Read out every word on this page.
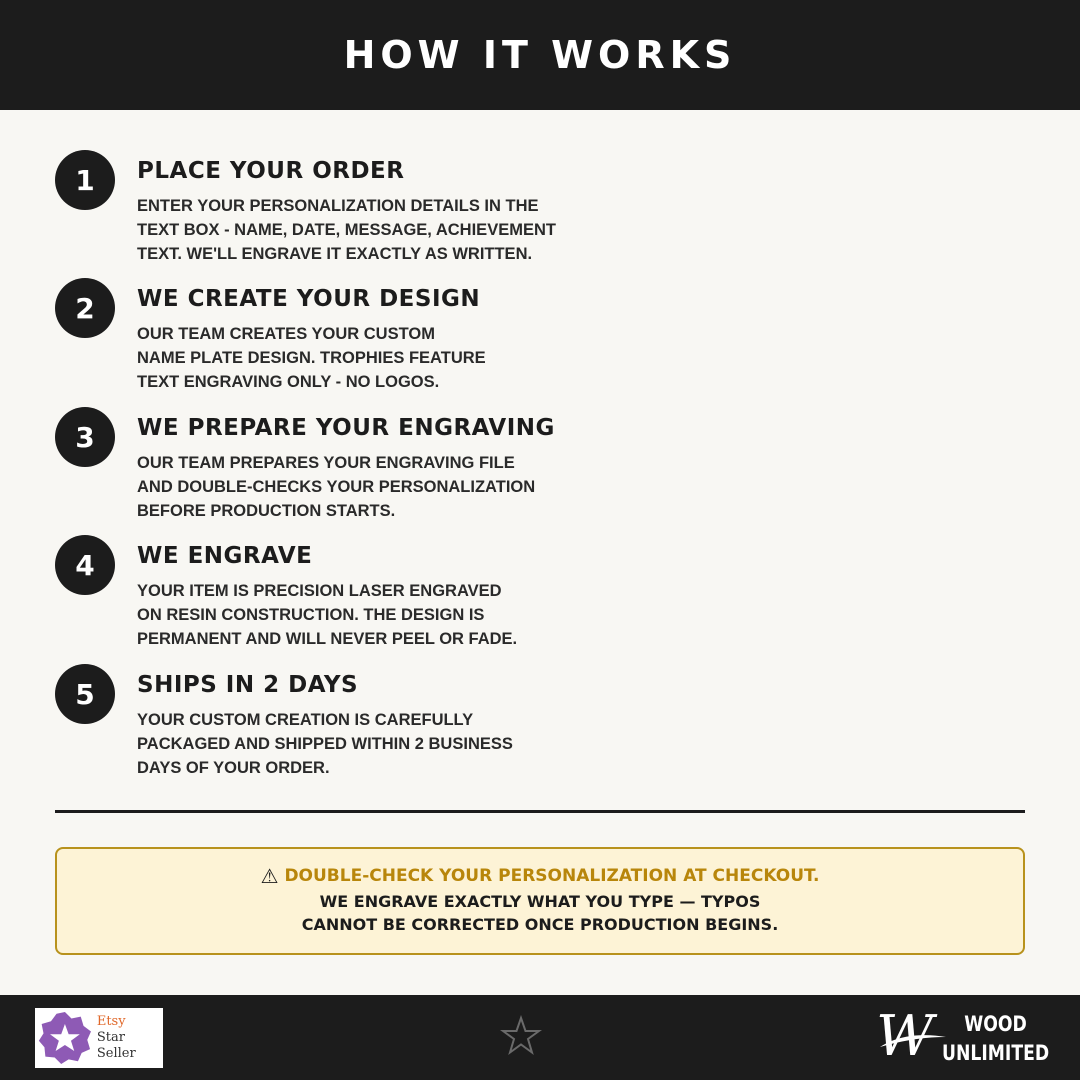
HOW IT WORKS
1	PLACE YOUR ORDER
ENTER YOUR PERSONALIZATION DETAILS IN THE
TEXT BOX - NAME, DATE, MESSAGE, ACHIEVEMENT
TEXT. WE'LL ENGRAVE IT EXACTLY AS WRITTEN.
2	WE CREATE YOUR DESIGN
OUR TEAM CREATES YOUR CUSTOM
NAME PLATE DESIGN. TROPHIES FEATURE
TEXT ENGRAVING ONLY - NO LOGOS.
3	WE PREPARE YOUR ENGRAVING
OUR TEAM PREPARES YOUR ENGRAVING FILE
AND DOUBLE-CHECKS YOUR PERSONALIZATION
BEFORE PRODUCTION STARTS.
4	WE ENGRAVE
YOUR ITEM IS PRECISION LASER ENGRAVED
ON RESIN CONSTRUCTION. THE DESIGN IS
PERMANENT AND WILL NEVER PEEL OR FADE.
5	SHIPS IN 2 DAYS
YOUR CUSTOM CREATION IS CAREFULLY
PACKAGED AND SHIPPED WITHIN 2 BUSINESS
DAYS OF YOUR ORDER.
⚠ DOUBLE-CHECK YOUR PERSONALIZATION AT CHECKOUT.
WE ENGRAVE EXACTLY WHAT YOU TYPE — TYPOS
CANNOT BE CORRECTED ONCE PRODUCTION BEGINS.
Etsy
Star Seller	W	WOOD
UNLIMITED
